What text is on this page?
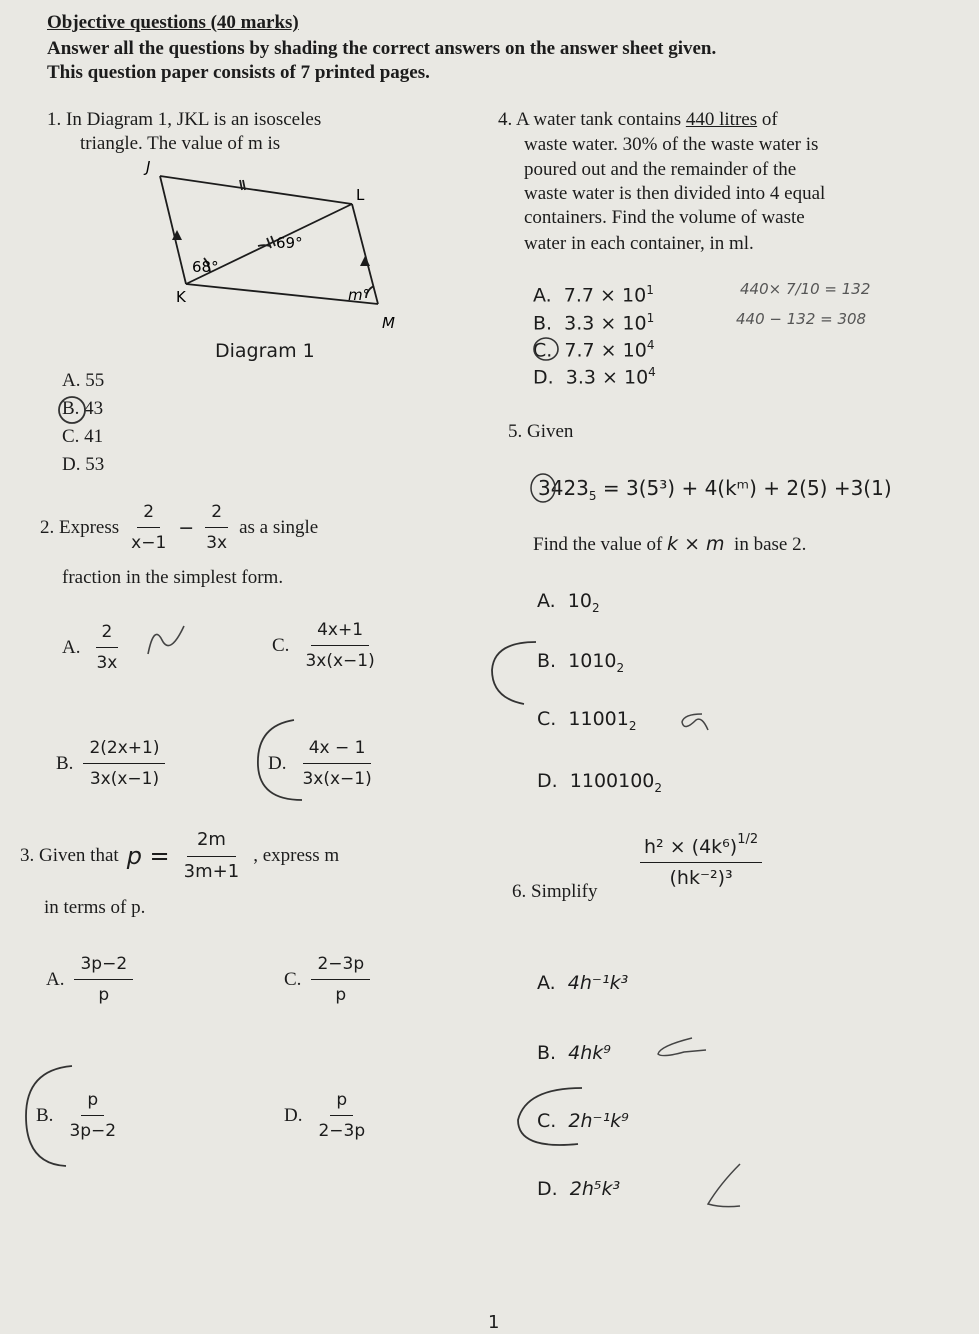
Objective questions (40 marks)
Answer all the questions by shading the correct answers on the answer sheet given.
This question paper consists of 7 printed pages.
1. In Diagram 1, JKL is an isosceles
triangle. The value of m is
J
L
K
M
68°
69°
m°
Diagram 1
A. 55
B. 43
C. 41
D. 53
2. Express $\frac{2}{x-1} - \frac{2}{3x}$ as a single
fraction in the simplest form.
A. $\frac{2}{3x}$	C. $\frac{4x+1}{3x(x-1)}$
B. $\frac{2(2x+1)}{3x(x-1)}$	D. $\frac{4x - 1}{3x(x-1)}$
3. Given that $p = \frac{2m}{3m+1}$ , express m
in terms of p.
A. $\frac{3p-2}{p}$	C. $\frac{2-3p}{p}$
B. $\frac{p}{3p-2}$	D. $\frac{p}{2-3p}$
4. A water tank contains 440 litres of
waste water. 30% of the waste water is
poured out and the remainder of the
waste water is then divided into 4 equal
containers. Find the volume of waste
water in each container, in ml.
A. $7.7 \times 10^1$
B. $3.3 \times 10^1$
C. $7.7 \times 10^4$
D. $3.3 \times 10^4$
440× 7/10 = 132
440 − 132 = 308
5. Given
$3423_5 = 3(5^3)$ + 4(kᵐ) + 2(5) +3(1)
Find the value of k × m in base 2.
A. $10_2$
B. $1010_2$
C. $11001_2$
D. $1100100_2$
6. Simplify
$h^2 \times (4k^6)^{1/2}$
(hk⁻²)³
A. 4h⁻¹k³
B. 4hk⁹
C. 2h⁻¹k⁹
D. 2h⁵k³
1
